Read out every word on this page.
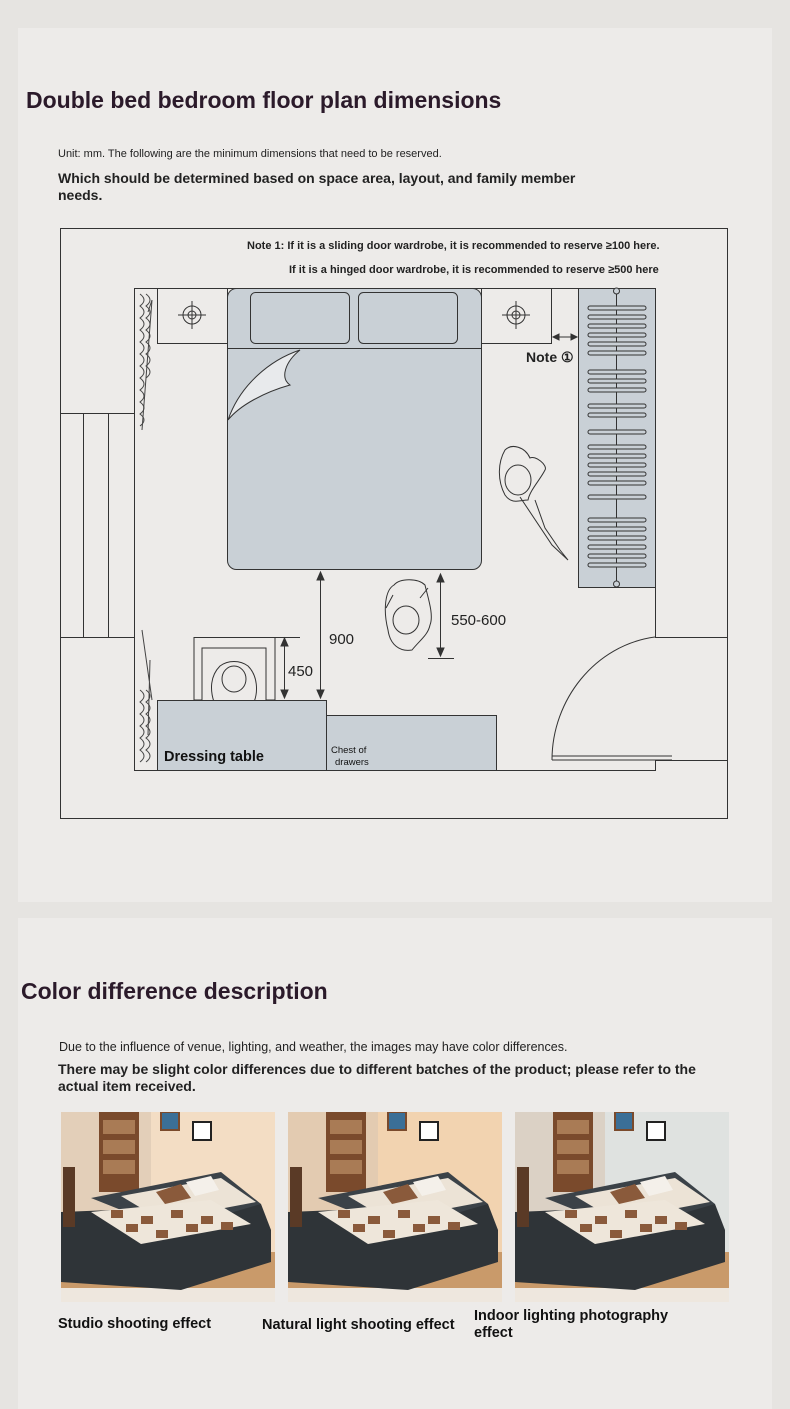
Double bed bedroom floor plan dimensions
Unit: mm. The following are the minimum dimensions that need to be reserved.
Which should be determined based on space area, layout, and family member needs.
Note 1: If it is a sliding door wardrobe, it is recommended to reserve ≥100 here.
If it is a hinged door wardrobe, it is recommended to reserve ≥500 here
Note ①
900
450
550-600
Dressing table	Chest of
drawers
Color difference description
Due to the influence of venue, lighting, and weather, the images may have color differences.
There may be slight color differences due to different batches of the product; please refer to the actual item received.
Studio shooting effect	Natural light shooting effect
Indoor lighting photography effect
